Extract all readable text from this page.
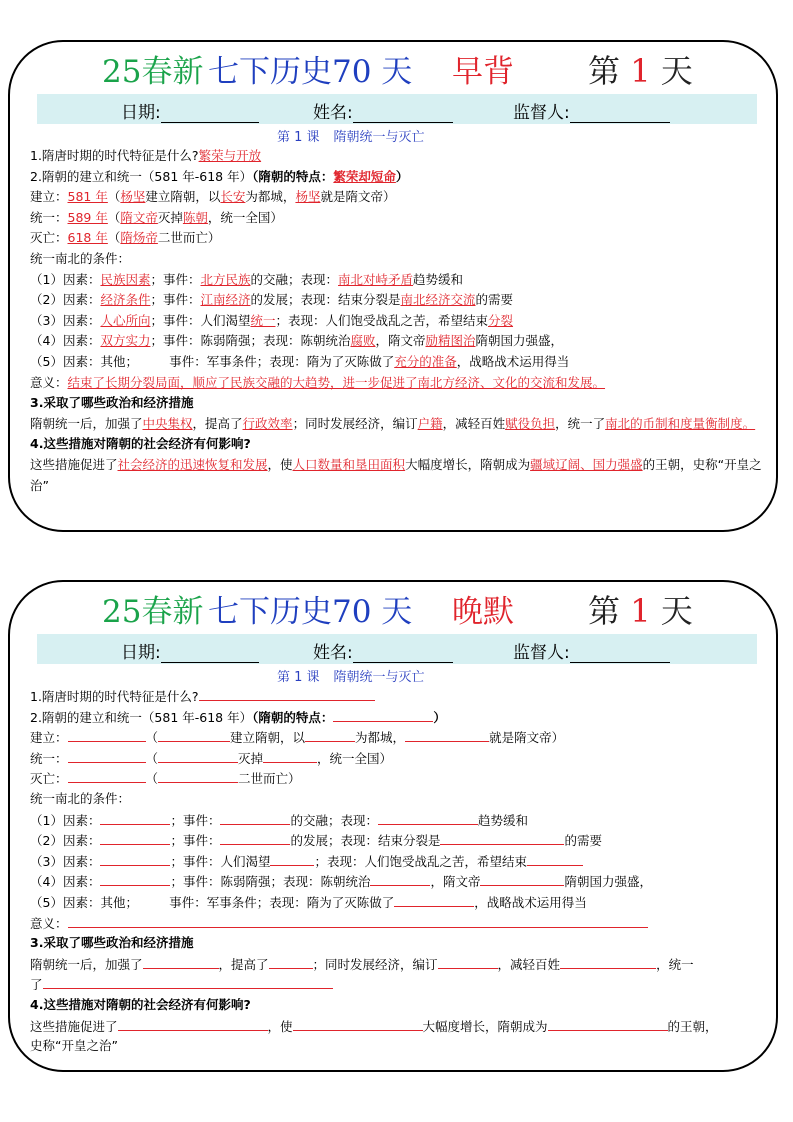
25春新 七下历史70 天 早背 第 1 天
日期:	姓名:	监督人:
第 1 课 隋朝统一与灭亡
1.隋唐时期的时代特征是什么?繁荣与开放
2.隋朝的建立和统一（581 年-618 年）（隋朝的特点：繁荣却短命）
建立：581 年（杨坚建立隋朝，以长安为都城，杨坚就是隋文帝）
统一：589 年（隋文帝灭掉陈朝，统一全国）
灭亡：618 年（隋炀帝二世而亡）
统一南北的条件：
（1）因素：民族因素；事件：北方民族的交融；表现：南北对峙矛盾趋势缓和
（2）因素：经济条件；事件：江南经济的发展；表现：结束分裂是南北经济交流的需要
（3）因素：人心所向；事件：人们渴望统一；表现：人们饱受战乱之苦，希望结束分裂
（4）因素：双方实力；事件：陈弱隋强；表现：陈朝统治腐败，隋文帝励精图治隋朝国力强盛，
（5）因素：其他；　　　事件：军事条件；表现：隋为了灭陈做了充分的准备，战略战术运用得当
意义：结束了长期分裂局面，顺应了民族交融的大趋势，进一步促进了南北方经济、文化的交流和发展。
3.采取了哪些政治和经济措施
隋朝统一后，加强了中央集权，提高了行政效率；同时发展经济，编订户籍，减轻百姓赋役负担，统一了南北的币制和度量衡制度。
4.这些措施对隋朝的社会经济有何影响?
这些措施促进了社会经济的迅速恢复和发展，使人口数量和垦田面积大幅度增长，隋朝成为疆域辽阔、国力强盛的王朝，史称“开皇之治”
25春新 七下历史70 天 晚默 第 1 天
日期:	姓名:	监督人:
第 1 课 隋朝统一与灭亡
1.隋唐时期的时代特征是什么?
2.隋朝的建立和统一（581 年-618 年）（隋朝的特点：	）
建立：	（	建立隋朝，以	为都城，	就是隋文帝）
统一：	（	灭掉	，统一全国）
灭亡：	（	二世而亡）
统一南北的条件：
（1）因素：	；事件：	的交融；表现：	趋势缓和
（2）因素：	；事件：	的发展；表现：结束分裂是	的需要
（3）因素：	；事件：人们渴望	；表现：人们饱受战乱之苦，希望结束
（4）因素：	；事件：陈弱隋强；表现：陈朝统治	，隋文帝	隋朝国力强盛，
（5）因素：其他；　　　事件：军事条件；表现：隋为了灭陈做了	，战略战术运用得当
意义：
3.采取了哪些政治和经济措施
隋朝统一后，加强了	，提高了	；同时发展经济，编订	，减轻百姓	，统一
了
4.这些措施对隋朝的社会经济有何影响?
这些措施促进了	，使	大幅度增长，隋朝成为	的王朝，
史称“开皇之治”
